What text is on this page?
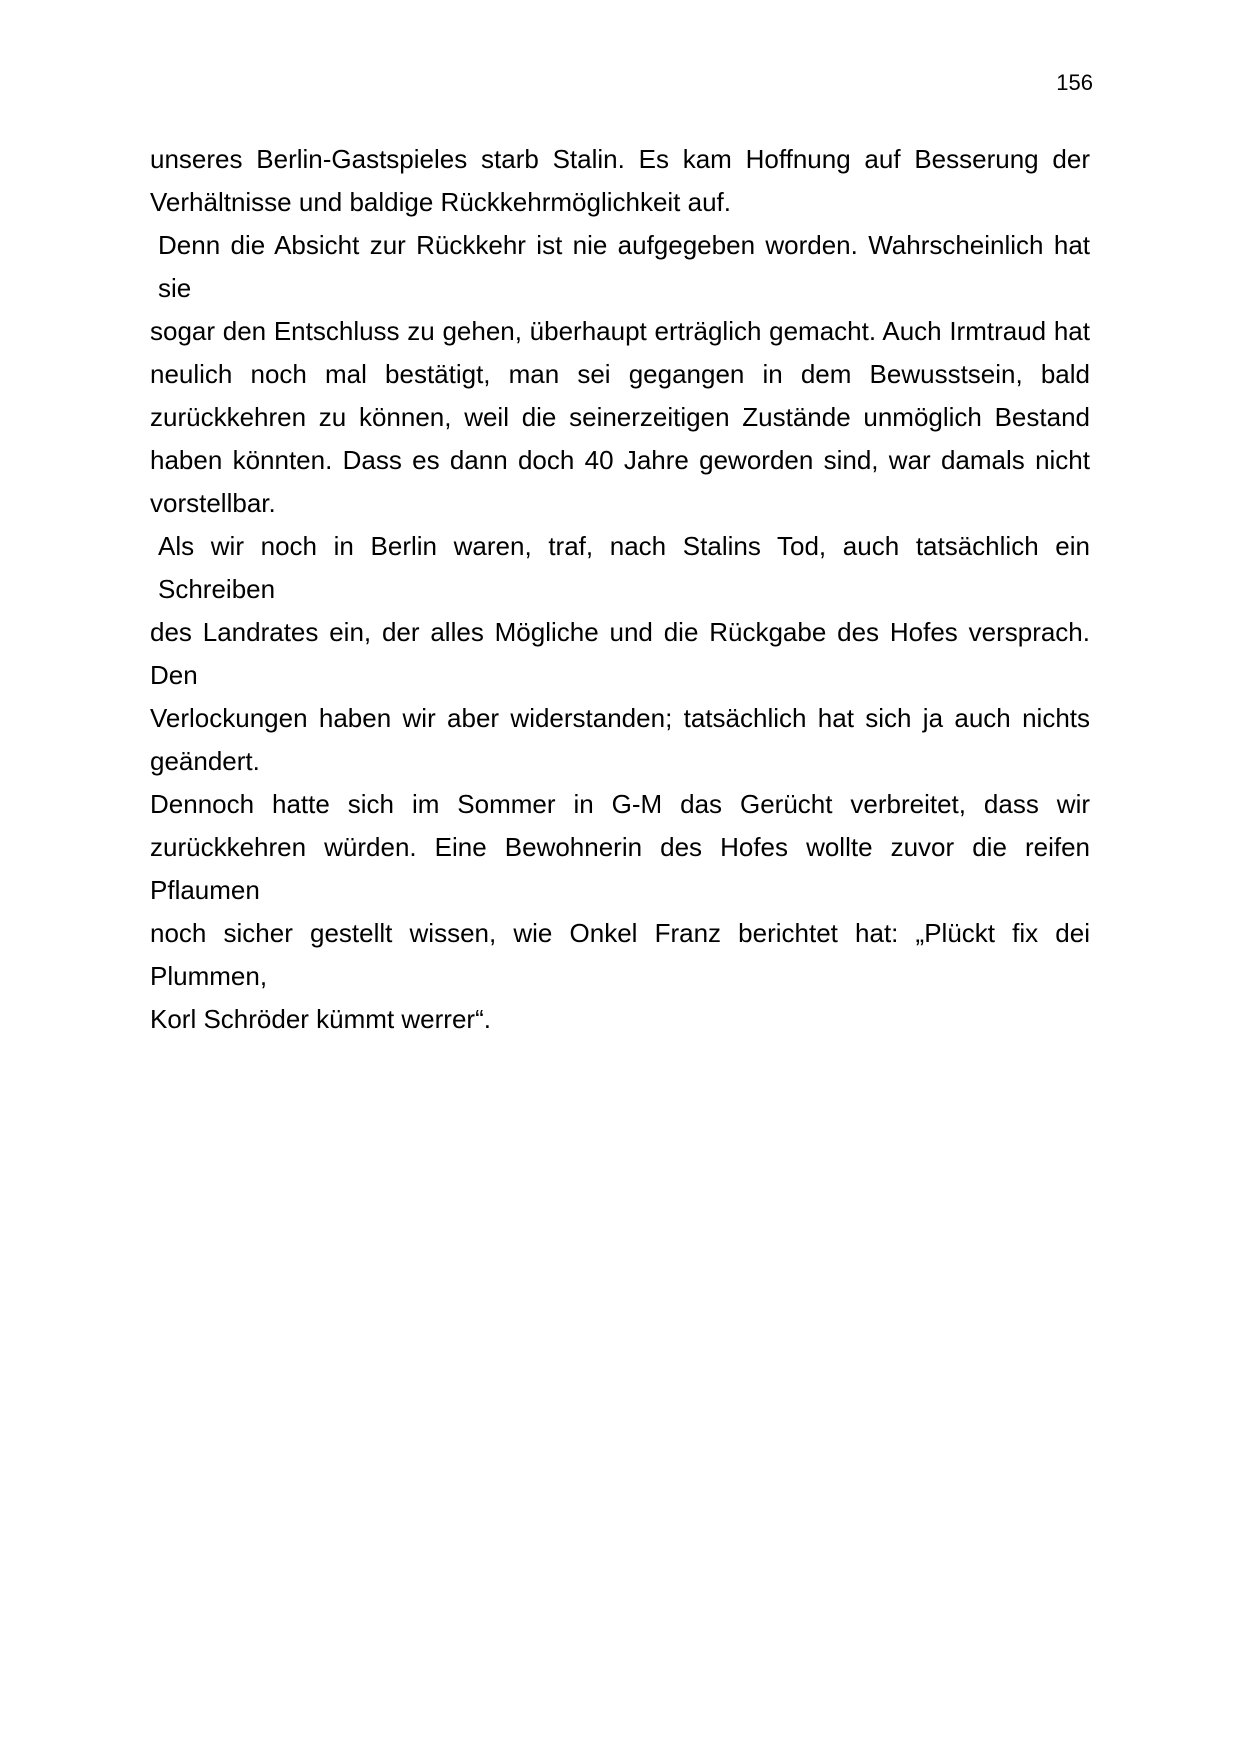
156
unseres Berlin-Gastspieles starb Stalin. Es kam Hoffnung auf Besserung der
Verhältnisse und baldige Rückkehrmöglichkeit auf.
Denn die Absicht zur Rückkehr ist nie aufgegeben worden. Wahrscheinlich hat sie
sogar den Entschluss zu gehen, überhaupt erträglich gemacht. Auch Irmtraud hat
neulich noch mal bestätigt, man sei gegangen in dem Bewusstsein, bald
zurückkehren zu können, weil die seinerzeitigen Zustände unmöglich Bestand
haben könnten. Dass es dann doch 40 Jahre geworden sind, war damals nicht
vorstellbar.
Als wir noch in Berlin waren, traf, nach Stalins Tod, auch tatsächlich ein Schreiben
des Landrates ein, der alles Mögliche und die Rückgabe des Hofes versprach. Den
Verlockungen haben wir aber widerstanden; tatsächlich hat sich ja auch nichts
geändert.
Dennoch hatte sich im Sommer in G-M das Gerücht verbreitet, dass wir
zurückkehren würden. Eine Bewohnerin des Hofes wollte zuvor die reifen Pflaumen
noch sicher gestellt wissen, wie Onkel Franz berichtet hat: „Plückt fix dei Plummen,
Korl Schröder kümmt werrer“.
